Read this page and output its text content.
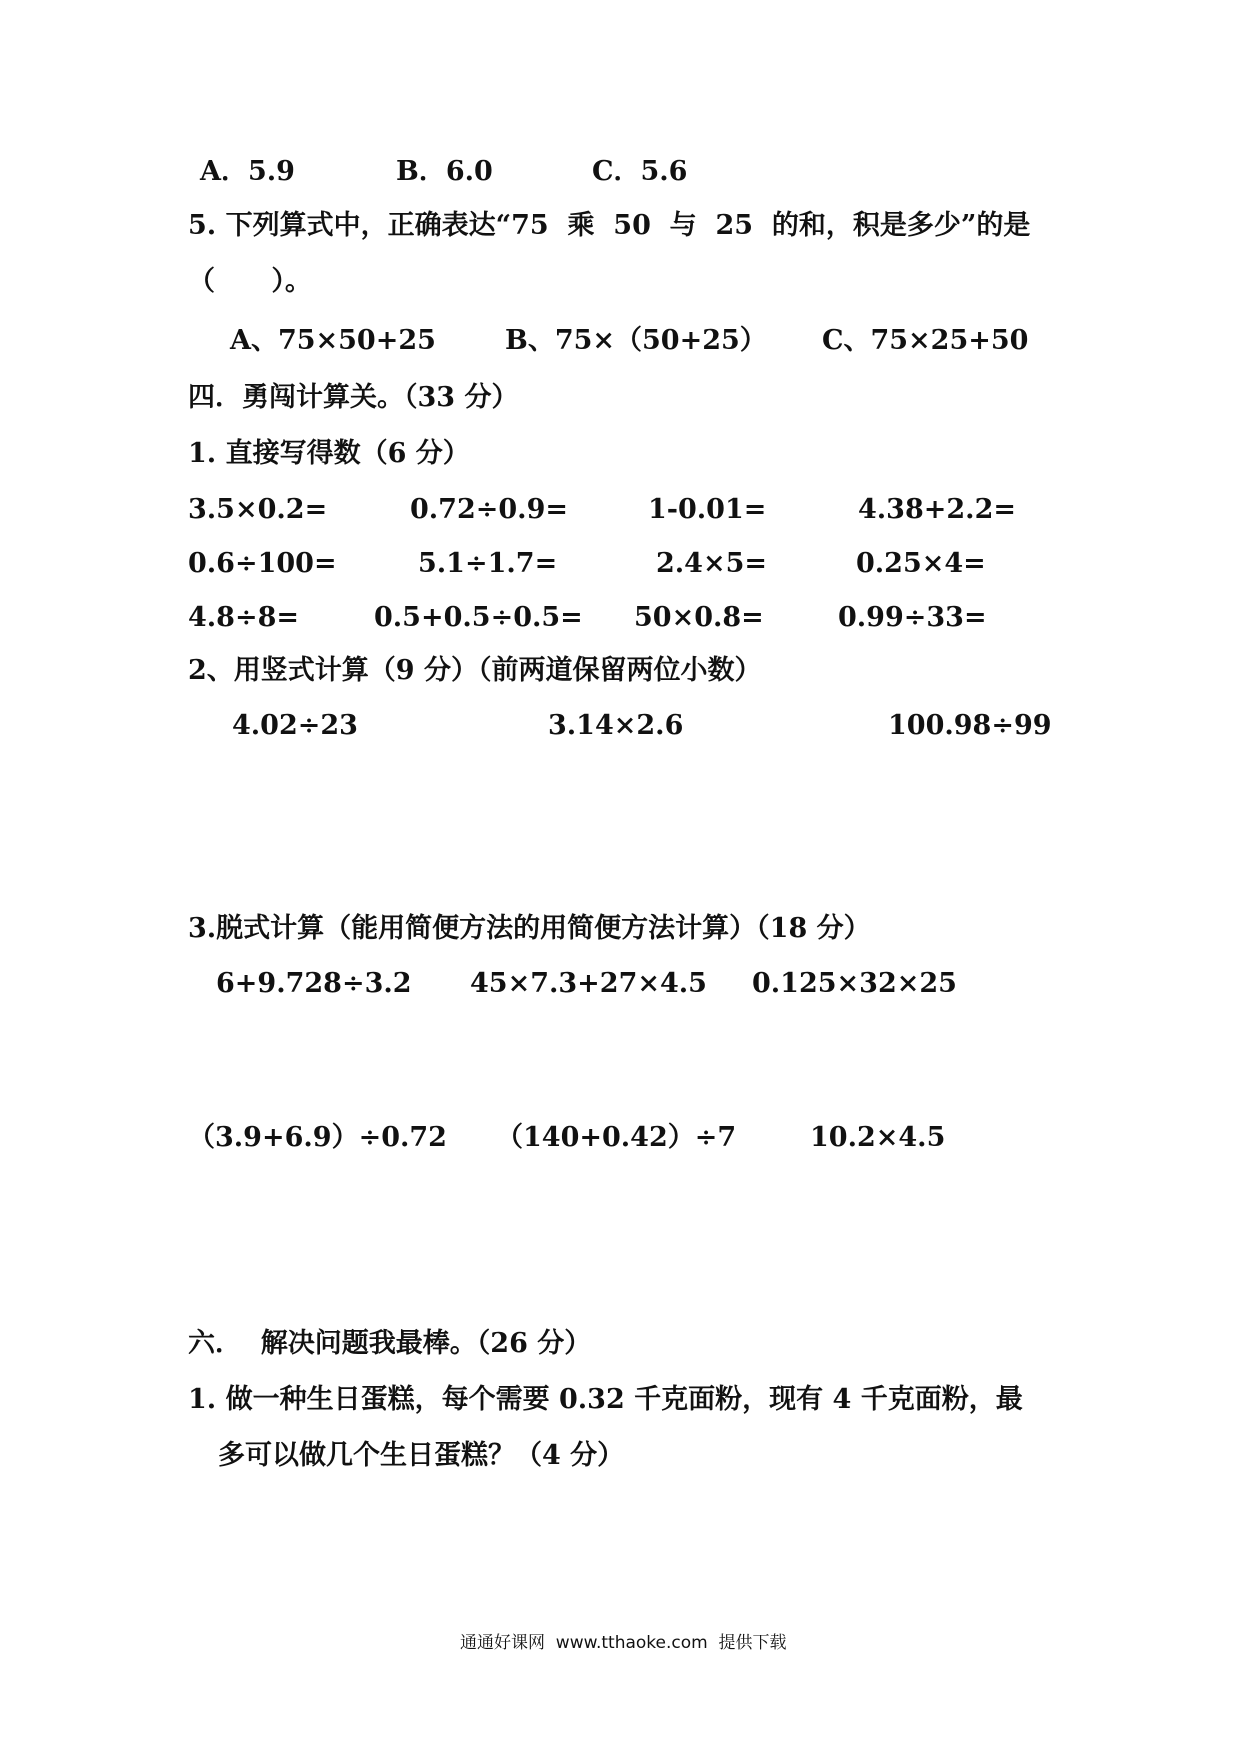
A．5.9	B．6.0	C．5.6
5. 下列算式中，正确表达“75  乘  50  与  25  的和，积是多少”的是
（      ）。
A、75×50+25	B、75×（50+25） C、75×25+50
四．勇闯计算关。（33 分）
1. 直接写得数（6 分）
3.5×0.2=	0.72÷0.9=	1-0.01=	4.38+2.2=
0.6÷100=	5.1÷1.7=	2.4×5=	0.25×4=
4.8÷8=	0.5+0.5÷0.5= 50×0.8=	0.99÷33=
2、用竖式计算（9 分）（前两道保留两位小数）
4.02÷23	3.14×2.6	100.98÷99
3.脱式计算（能用简便方法的用简便方法计算）（18 分）
6+9.728÷3.2 45×7.3+27×4.5 0.125×32×25
（3.9+6.9）÷0.72 （140+0.42）÷7	10.2×4.5
六．  解决问题我最棒。（26 分）
1. 做一种生日蛋糕，每个需要 0.32 千克面粉，现有 4 千克面粉，最
多可以做几个生日蛋糕？（4 分）
通通好课网  www.tthaoke.com  提供下载
